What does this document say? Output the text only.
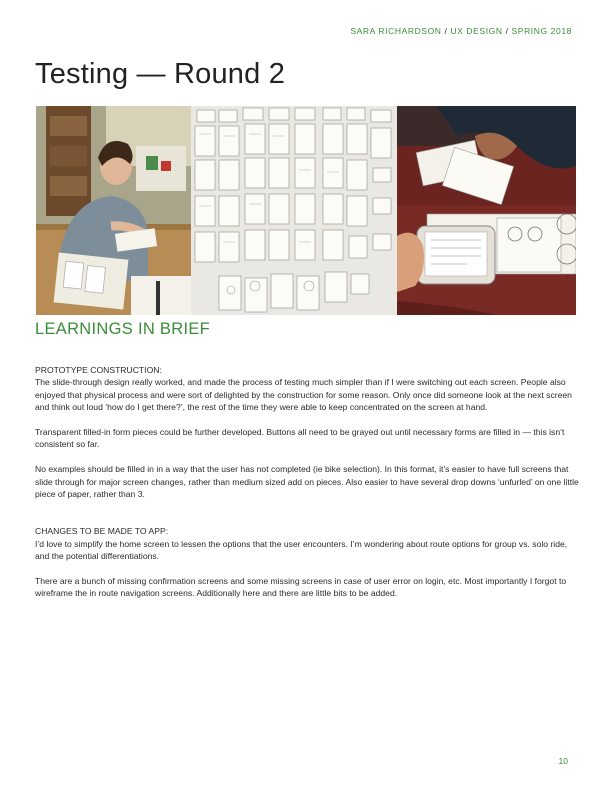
SARA RICHARDSON / UX DESIGN / SPRING 2018
Testing — Round 2
LEARNINGS IN BRIEF

PROTOTYPE CONSTRUCTION:

The slide-through design really worked, and made the process of testing much simpler than if I were switching out each screen. People also enjoyed that physical process and were sort of delighted by the construction for some reason. Only once did someone look at the next screen and think out loud ‘how do I get there?’, the rest of the time they were able to keep concentrated on the screen at hand.

Transparent filled-in form pieces could be further developed. Buttons all need to be grayed out until necessary forms are filled in — this isn’t consistent so far.

No examples should be filled in in a way that the user has not completed (ie bike selection). In this format, it’s easier to have full screens that slide through for major screen changes, rather than medium sized add on pieces. Also easier to have several drop downs ‘unfurled’ on one little piece of paper, rather than 3.

CHANGES TO BE MADE TO APP:

I’d love to simplify the home screen to lessen the options that the user encounters. I’m wondering about route options for group vs. solo ride, and the potential differentiations.

There are a bunch of missing confirmation screens and some missing screens in case of user error on login, etc. Most importantly I forgot to wireframe the in route navigation screens. Additionally here and there are little bits to be added.

10
